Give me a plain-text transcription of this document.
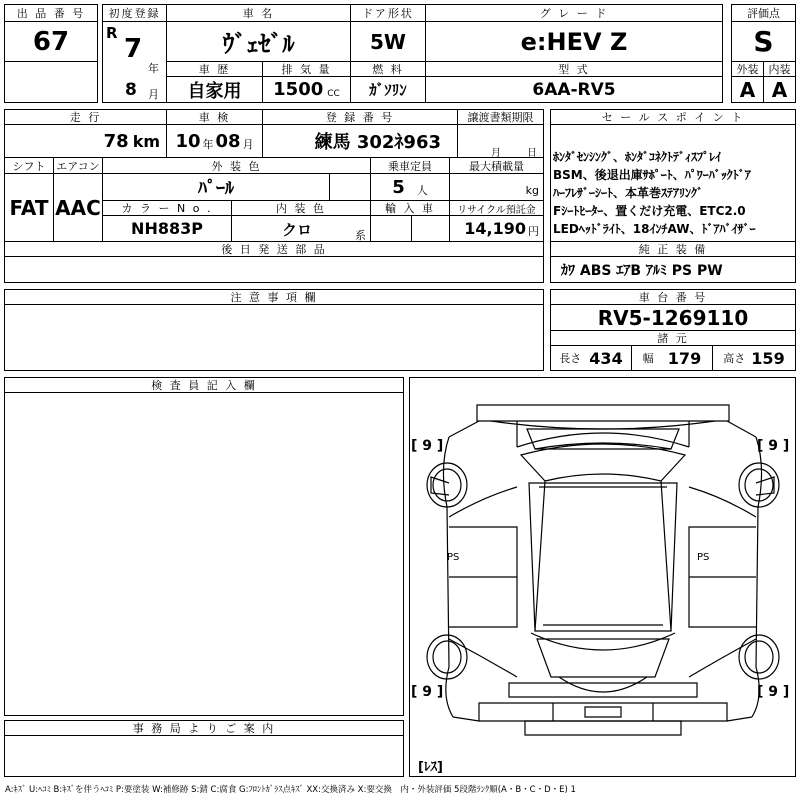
出 品 番 号
67
初度登録
R
7
年
8 月
車 名
ｳﾞｪｾﾞﾙ
ドア形状
5W
グ レ ー ド
e:HEV Z
評価点
S
車 歴
自家用
排 気 量
1500 CC
燃 料
ｶﾞｿﾘﾝ
型 式
6AA-RV5
外装
A
内装
A
走 行
78 km
車 検
10 年 08 月
登 録 番 号
練馬 302ﾈ963
譲渡書類期限
月	日
シフト
FAT
エアコン
AAC
外 装 色
ﾊﾟｰﾙ
乗車定員
5 人
最大積載量
kg
カ ラ ー N o .
NH883P
内 装 色
クロ	系
輸 入 車	リサイクル預託金
14,190 円
後 日 発 送 部 品
セ ー ル ス ポ イ ン ト
ﾎﾝﾀﾞｾﾝｼﾝｸﾞ、ﾎﾝﾀﾞｺﾈｸﾄﾃﾞｨｽﾌﾟﾚｲ
BSM、後退出庫ｻﾎﾟｰﾄ、ﾊﾟﾜｰﾊﾞｯｸﾄﾞｱ
ﾊｰﾌﾚｻﾞｰｼｰﾄ、本革巻ｽﾃｱﾘﾝｸﾞ
Fｼｰﾄﾋｰﾀｰ、置くだけ充電、ETC2.0
LEDﾍｯﾄﾞﾗｲﾄ、18ｲﾝﾁAW、ﾄﾞｱﾊﾞｲｻﾞｰ
純 正 装 備
ｶﾜ ABS ｴｱB ｱﾙﾐ PS PW
注 意 事 項 欄	車 台 番 号
RV5-1269110
諸 元
長さ 434 幅 179 高さ 159
検 査 員 記 入 欄
事 務 局 よ り ご 案 内
[ 9 ]	[ 9 ]
[ 9 ]	[ 9 ]
[ﾚｽ]
PS	PS
A:ｷｽﾞ U:ﾍｺﾐ B:ｷｽﾞを伴うﾍｺﾐ P:要塗装 W:補修跡 S:錆 C:腐食 G:ﾌﾛﾝﾄｶﾞﾗｽ点ｷｽﾞ XX:交換済み X:要交換　内・外装評価 5段階ﾗﾝｸ順(A・B・C・D・E) 1
